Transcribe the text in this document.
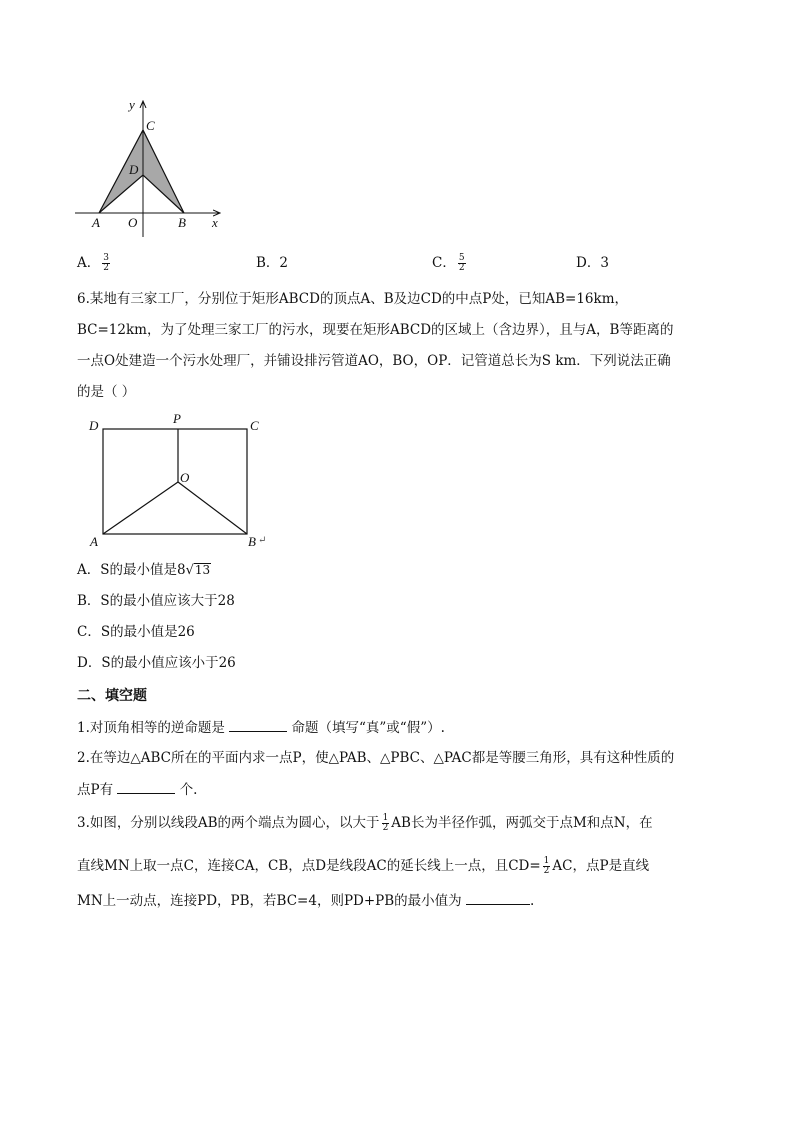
y
C
D
A O	B x
A． $\frac{3}{2}$	B．2	C． $\frac{5}{2}$	D．3
6.某地有三家工厂，分别位于矩形ABCD的顶点A、B及边CD的中点P处，已知AB=16km，
BC=12km，为了处理三家工厂的污水，现要在矩形ABCD的区域上（含边界），且与A，B等距离的
一点O处建造一个污水处理厂，并铺设排污管道AO，BO，OP．记管道总长为S km．下列说法正确
的是（ ）
D	P	C
O
A	B ↵
A．S的最小值是8√13
B．S的最小值应该大于28
C．S的最小值是26
D．S的最小值应该小于26
二、填空题
1.对顶角相等的逆命题是	命题（填写“真”或“假”）.
2.在等边△ABC所在的平面内求一点P，使△PAB、△PBC、△PAC都是等腰三角形，具有这种性质的
点P有	个.
3.如图，分别以线段AB的两个端点为圆心，以大于 $\frac{1}{2}$ AB长为半径作弧，两弧交于点M和点N，在
直线MN上取一点C，连接CA，CB，点D是线段AC的延长线上一点，且$CD= \frac{1}{2}$ AC，点P是直线
MN上一动点，连接PD，PB，若BC=4，则PD+PB的最小值为	.
